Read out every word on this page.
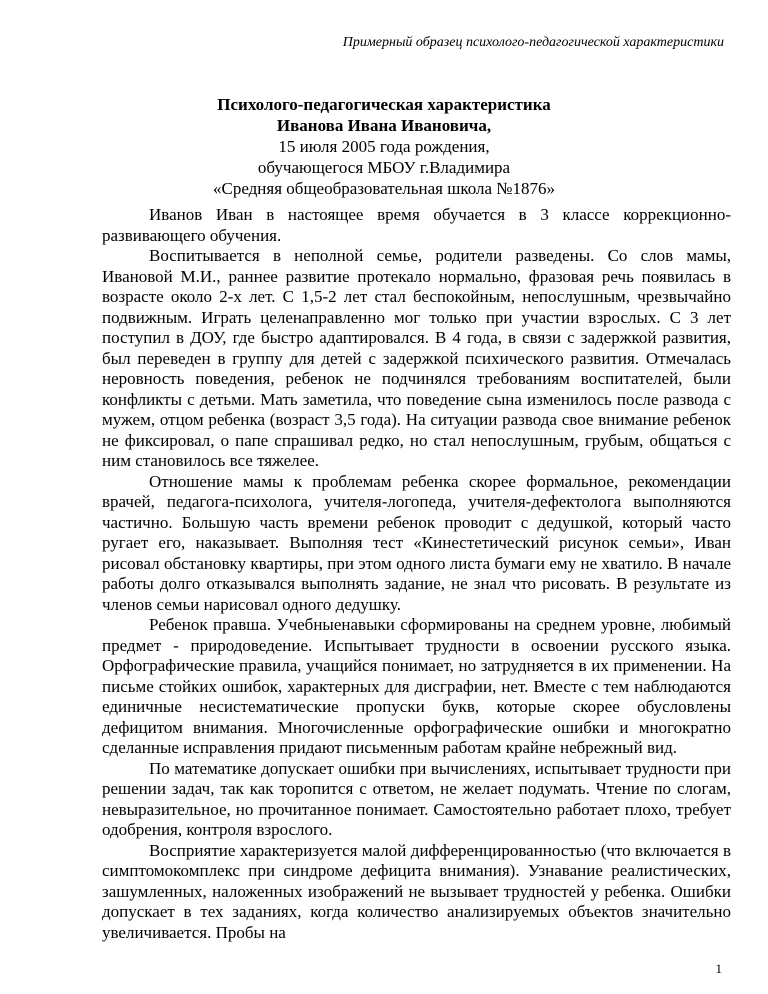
Примерный образец психолого-педагогической характеристики
Психолого-педагогическая характеристика
Иванова Ивана Ивановича,
15 июля 2005 года рождения,
обучающегося МБОУ г.Владимира
«Средняя общеобразовательная школа №1876»

Иванов Иван в настоящее время обучается в 3 классе коррекционно-развивающего обучения.

Воспитывается в неполной семье, родители разведены. Со слов мамы, Ивановой М.И., раннее развитие протекало нормально, фразовая речь появилась в возрасте около 2-х лет. С 1,5-2 лет стал беспокойным, непослушным, чрезвычайно подвижным. Играть целенаправленно мог только при участии взрослых. С 3 лет поступил в ДОУ, где быстро адаптировался. В 4 года, в связи с задержкой развития, был переведен в группу для детей с задержкой психического развития. Отмечалась неровность поведения, ребенок не подчинялся требованиям воспитателей, были конфликты с детьми. Мать заметила, что поведение сына изменилось после развода с мужем, отцом ребенка (возраст 3,5 года). На ситуации развода свое внимание ребенок не фиксировал, о папе спрашивал редко, но стал непослушным, грубым, общаться с ним становилось все тяжелее.

Отношение мамы к проблемам ребенка скорее формальное, рекомендации врачей, педагога-психолога, учителя-логопеда, учителя-дефектолога выполняются частично. Большую часть времени ребенок проводит с дедушкой, который часто ругает его, наказывает. Выполняя тест «Кинестетический рисунок семьи», Иван рисовал обстановку квартиры, при этом одного листа бумаги ему не хватило. В начале работы долго отказывался выполнять задание, не знал что рисовать. В результате из членов семьи нарисовал одного дедушку.

Ребенок правша. Учебныенавыки сформированы на среднем уровне, любимый предмет - природоведение. Испытывает трудности в освоении русского языка. Орфографические правила, учащийся понимает, но затрудняется в их применении. На письме стойких ошибок, характерных для дисграфии, нет. Вместе с тем наблюдаются единичные несистематические пропуски букв, которые скорее обусловлены дефицитом внимания. Многочисленные орфографические ошибки и многократно сделанные исправления придают письменным работам крайне небрежный вид.

По математике допускает ошибки при вычислениях, испытывает трудности при решении задач, так как торопится с ответом, не желает подумать. Чтение по слогам, невыразительное, но прочитанное понимает. Самостоятельно работает плохо, требует одобрения, контроля взрослого.

Восприятие характеризуется малой дифференцированностью (что включается в симптомокомплекс при синдроме дефицита внимания). Узнавание реалистических, зашумленных, наложенных изображений не вызывает трудностей у ребенка. Ошибки допускает в тех заданиях, когда количество анализируемых объектов значительно увеличивается. Пробы на

1
